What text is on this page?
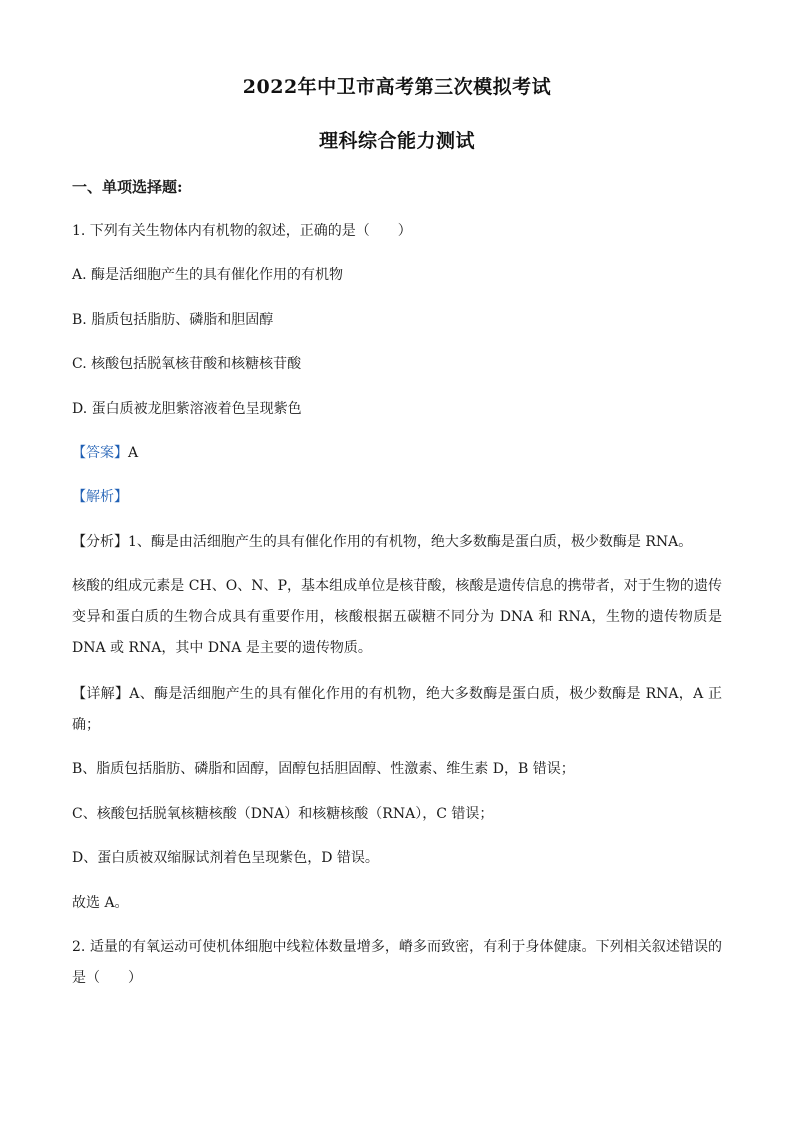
2022年中卫市高考第三次模拟考试
理科综合能力测试
一、单项选择题:
1. 下列有关生物体内有机物的叙述，正确的是（　　）
A. 酶是活细胞产生的具有催化作用的有机物
B. 脂质包括脂肪、磷脂和胆固醇
C. 核酸包括脱氧核苷酸和核糖核苷酸
D. 蛋白质被龙胆紫溶液着色呈现紫色
【答案】A
【解析】
【分析】1、酶是由活细胞产生的具有催化作用的有机物，绝大多数酶是蛋白质，极少数酶是 RNA。
核酸的组成元素是 CH、O、N、P，基本组成单位是核苷酸，核酸是遗传信息的携带者，对于生物的遗传变异和蛋白质的生物合成具有重要作用，核酸根据五碳糖不同分为 DNA 和 RNA，生物的遗传物质是 DNA 或 RNA，其中 DNA 是主要的遗传物质。
【详解】A、酶是活细胞产生的具有催化作用的有机物，绝大多数酶是蛋白质，极少数酶是 RNA，A 正确；
B、脂质包括脂肪、磷脂和固醇，固醇包括胆固醇、性激素、维生素 D，B 错误；
C、核酸包括脱氧核糖核酸（DNA）和核糖核酸（RNA），C 错误；
D、蛋白质被双缩脲试剂着色呈现紫色，D 错误。
故选 A。
2. 适量的有氧运动可使机体细胞中线粒体数量增多，嵴多而致密，有利于身体健康。下列相关叙述错误的是（　　）
